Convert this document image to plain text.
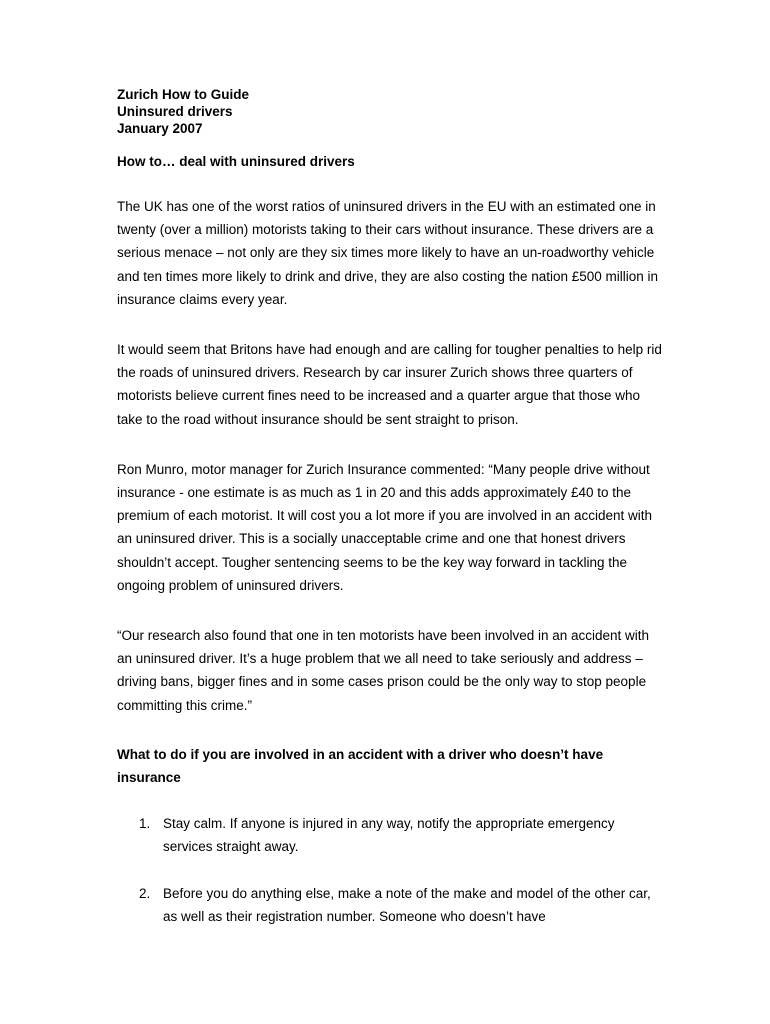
Zurich How to Guide

Uninsured drivers

January 2007

How to… deal with uninsured drivers

The UK has one of the worst ratios of uninsured drivers in the EU with an estimated one in twenty (over a million) motorists taking to their cars without insurance. These drivers are a serious menace – not only are they six times more likely to have an un-roadworthy vehicle and ten times more likely to drink and drive, they are also costing the nation £500 million in insurance claims every year.

It would seem that Britons have had enough and are calling for tougher penalties to help rid the roads of uninsured drivers. Research by car insurer Zurich shows three quarters of motorists believe current fines need to be increased and a quarter argue that those who take to the road without insurance should be sent straight to prison.

Ron Munro, motor manager for Zurich Insurance commented: “Many people drive without insurance - one estimate is as much as 1 in 20 and this adds approximately £40 to the premium of each motorist. It will cost you a lot more if you are involved in an accident with an uninsured driver. This is a socially unacceptable crime and one that honest drivers shouldn’t accept. Tougher sentencing seems to be the key way forward in tackling the ongoing problem of uninsured drivers.

“Our research also found that one in ten motorists have been involved in an accident with an uninsured driver. It’s a huge problem that we all need to take seriously and address – driving bans, bigger fines and in some cases prison could be the only way to stop people committing this crime.”

What to do if you are involved in an accident with a driver who doesn’t have insurance

1. Stay calm. If anyone is injured in any way, notify the appropriate emergency services straight away.
2. Before you do anything else, make a note of the make and model of the other car, as well as their registration number. Someone who doesn’t have
